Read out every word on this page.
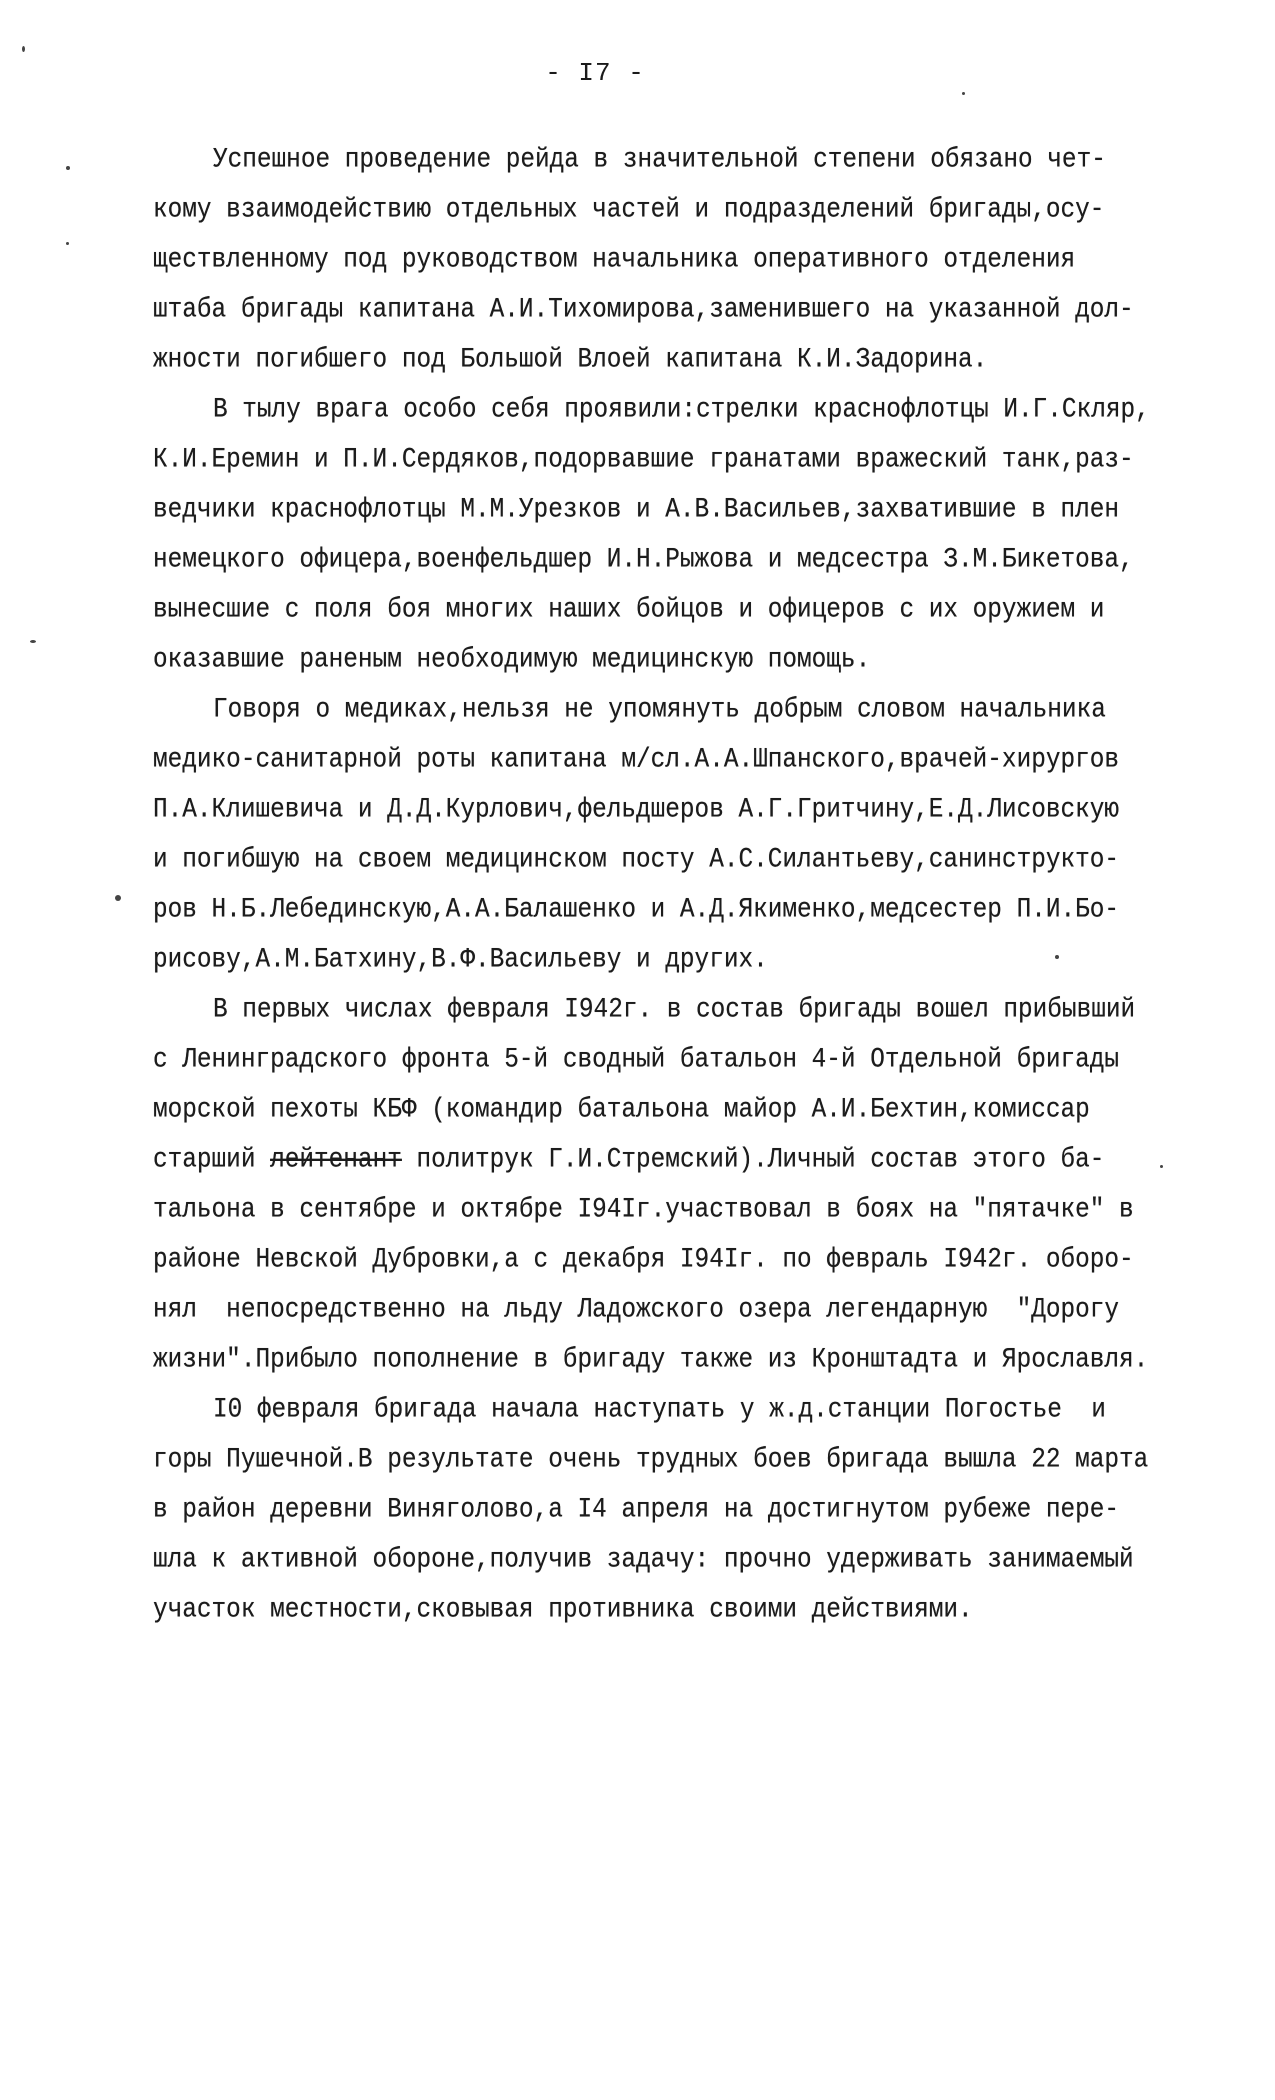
- I7 -
Успешное проведение рейда в значительной степени обязано чет-
кому взаимодействию отдельных частей и подразделений бригады,осу-
ществленному под руководством начальника оперативного отделения
штаба бригады капитана А.И.Тихомирова,заменившего на указанной дол-
жности погибшего под Большой Влоей капитана К.И.Задорина.
В тылу врага особо себя проявили:стрелки краснофлотцы И.Г.Скляр,
К.И.Еремин и П.И.Сердяков,подорвавшие гранатами вражеский танк,раз-
ведчики краснофлотцы М.М.Урезков и А.В.Васильев,захватившие в плен
немецкого офицера,военфельдшер И.Н.Рыжова и медсестра З.М.Бикетова,
вынесшие с поля боя многих наших бойцов и офицеров с их оружием и
оказавшие раненым необходимую медицинскую помощь.
Говоря о медиках,нельзя не упомянуть добрым словом начальника
медико-санитарной роты капитана м/сл.А.А.Шпанского,врачей-хирургов
П.А.Клишевича и Д.Д.Курлович,фельдшеров А.Г.Гритчину,Е.Д.Лисовскую
и погибшую на своем медицинском посту А.С.Силантьеву,санинструкто-
ров Н.Б.Лебединскую,А.А.Балашенко и А.Д.Якименко,медсестер П.И.Бо-
рисову,А.М.Батхину,В.Ф.Васильеву и других.
В первых числах февраля I942г. в состав бригады вошел прибывший
с Ленинградского фронта 5-й сводный батальон 4-й Отдельной бригады
морской пехоты КБФ (командир батальона майор А.И.Бехтин,комиссар
старший лейтенант политрук Г.И.Стремский).Личный состав этого ба-
тальона в сентябре и октябре I94Iг.участвовал в боях на "пятачке" в
районе Невской Дубровки,а с декабря I94Iг. по февраль I942г. оборо-
нял  непосредственно на льду Ладожского озера легендарную  "Дорогу
жизни".Прибыло пополнение в бригаду также из Кронштадта и Ярославля.
I0 февраля бригада начала наступать у ж.д.станции Погостье  и
горы Пушечной.В результате очень трудных боев бригада вышла 22 марта
в район деревни Виняголово,а I4 апреля на достигнутом рубеже пере-
шла к активной обороне,получив задачу: прочно удерживать занимаемый
участок местности,сковывая противника своими действиями.
